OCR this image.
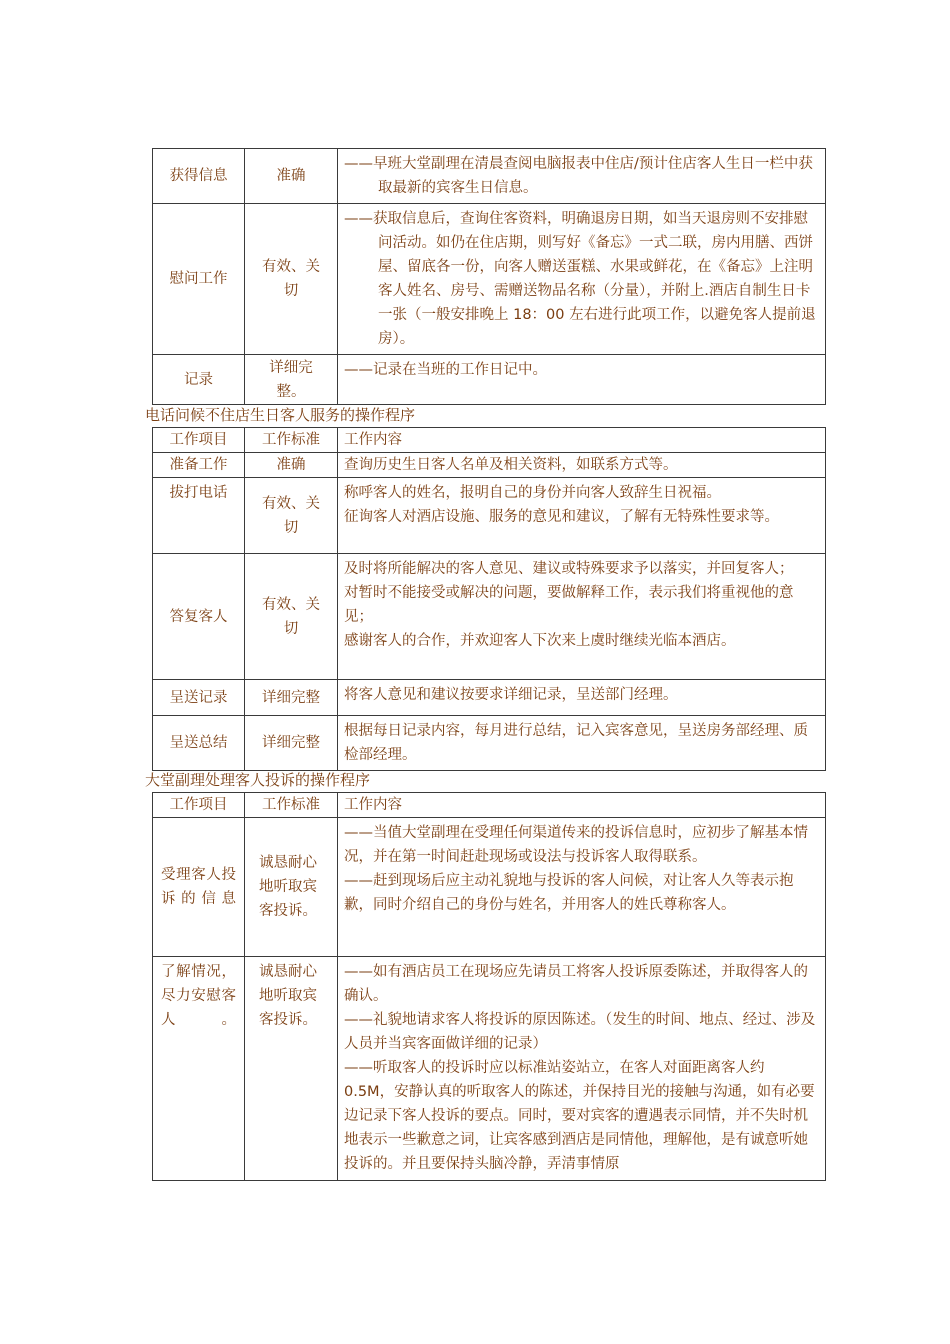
获得信息	准确	——早班大堂副理在清晨查阅电脑报表中住店/预计住店客人生日一栏中获取最新的宾客生日信息。

慰问工作	有效、关切	——获取信息后，查询住客资料，明确退房日期，如当天退房则不安排慰问活动。如仍在住店期，则写好《备忘》一式二联，房内用膳、西饼屋、留底各一份，向客人赠送蛋糕、水果或鲜花，在《备忘》上注明客人姓名、房号、需赠送物品名称（分量），并附上.酒店自制生日卡一张（一般安排晚上 18：00 左右进行此项工作，以避免客人提前退房）。

记录	详细完整。	——记录在当班的工作日记中。

电话问候不住店生日客人服务的操作程序
工作项目	工作标准	工作内容
准备工作	准确	查询历史生日客人名单及相关资料，如联系方式等。
拔打电话	有效、关切	称呼客人的姓名，报明自己的身份并向客人致辞生日祝福。

征询客人对酒店设施、服务的意见和建议，了解有无特殊性要求等。

答复客人	有效、关切	及时将所能解决的客人意见、建议或特殊要求予以落实，并回复客人；

对暂时不能接受或解决的问题，要做解释工作，表示我们将重视他的意见；

感谢客人的合作，并欢迎客人下次来上虞时继续光临本酒店。

呈送记录	详细完整	将客人意见和建议按要求详细记录，呈送部门经理。
呈送总结	详细完整	根据每日记录内容，每月进行总结，记入宾客意见，呈送房务部经理、质检部经理。
大堂副理处理客人投诉的操作程序
工作项目	工作标准	工作内容
受理客人投诉的信息	诚恳耐心地听取宾客投诉。	——当值大堂副理在受理任何渠道传来的投诉信息时，应初步了解基本情况，并在第一时间赶赴现场或设法与投诉客人取得联系。

——赶到现场后应主动礼貌地与投诉的客人问候，对让客人久等表示抱歉，同时介绍自己的身份与姓名，并用客人的姓氏尊称客人。

了解情况，尽力安慰客人。	诚恳耐心地听取宾客投诉。	——如有酒店员工在现场应先请员工将客人投诉原委陈述，并取得客人的确认。

——礼貌地请求客人将投诉的原因陈述。（发生的时间、地点、经过、涉及人员并当宾客面做详细的记录）

——听取客人的投诉时应以标准站姿站立，在客人对面距离客人约 0.5M，安静认真的听取客人的陈述，并保持目光的接触与沟通，如有必要边记录下客人投诉的要点。同时，要对宾客的遭遇表示同情，并不失时机地表示一些歉意之词，让宾客感到酒店是同情他，理解他，是有诚意听她投诉的。并且要保持头脑冷静，弄清事情原
